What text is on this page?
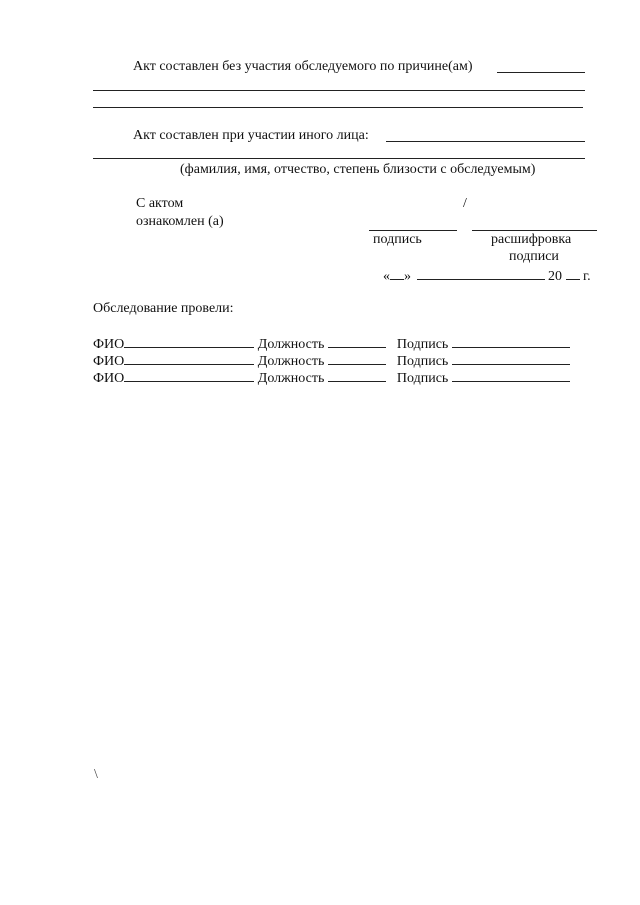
Акт составлен без участия обследуемого по причине(ам)
Акт составлен при участии иного лица:
(фамилия, имя, отчество, степень близости с обследуемым)
С актом
ознакомлен (а)
/
подпись	расшифровка
подписи
« »	20 г.
Обследование провели:
ФИО	Должность	Подпись
ФИО	Должность	Подпись
ФИО	Должность	Подпись
\
